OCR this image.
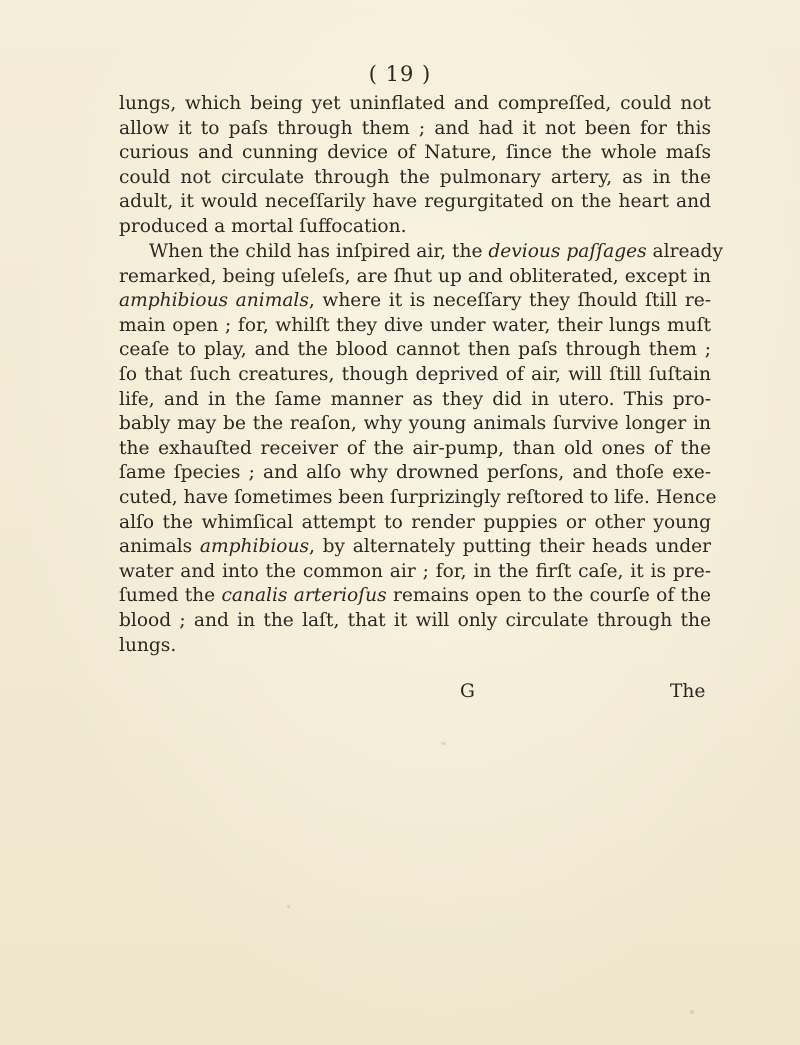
( 19 )
lungs, which being yet uninflated and compreſſed, could not
allow it to paſs through them ; and had it not been for this
curious and cunning device of Nature, ſince the whole maſs
could not circulate through the pulmonary artery, as in the
adult, it would neceſſarily have regurgitated on the heart and
produced a mortal ſuffocation.
When the child has inſpired air, the devious paſſages already
remarked, being uſeleſs, are ſhut up and obliterated, except in
amphibious animals, where it is neceſſary they ſhould ſtill re-
main open ; for, whilſt they dive under water, their lungs muſt
ceaſe to play, and the blood cannot then paſs through them ;
ſo that ſuch creatures, though deprived of air, will ſtill ſuſtain
life, and in the ſame manner as they did in utero. This pro-
bably may be the reaſon, why young animals ſurvive longer in
the exhauſted receiver of the air-pump, than old ones of the
ſame ſpecies ; and alſo why drowned perſons, and thoſe exe-
cuted, have ſometimes been ſurprizingly reſtored to life. Hence
alſo the whimſical attempt to render puppies or other young
animals amphibious, by alternately putting their heads under
water and into the common air ; for, in the firſt caſe, it is pre-
ſumed the canalis arterioſus remains open to the courſe of the
blood ; and in the laſt, that it will only circulate through the
lungs.
G	The
